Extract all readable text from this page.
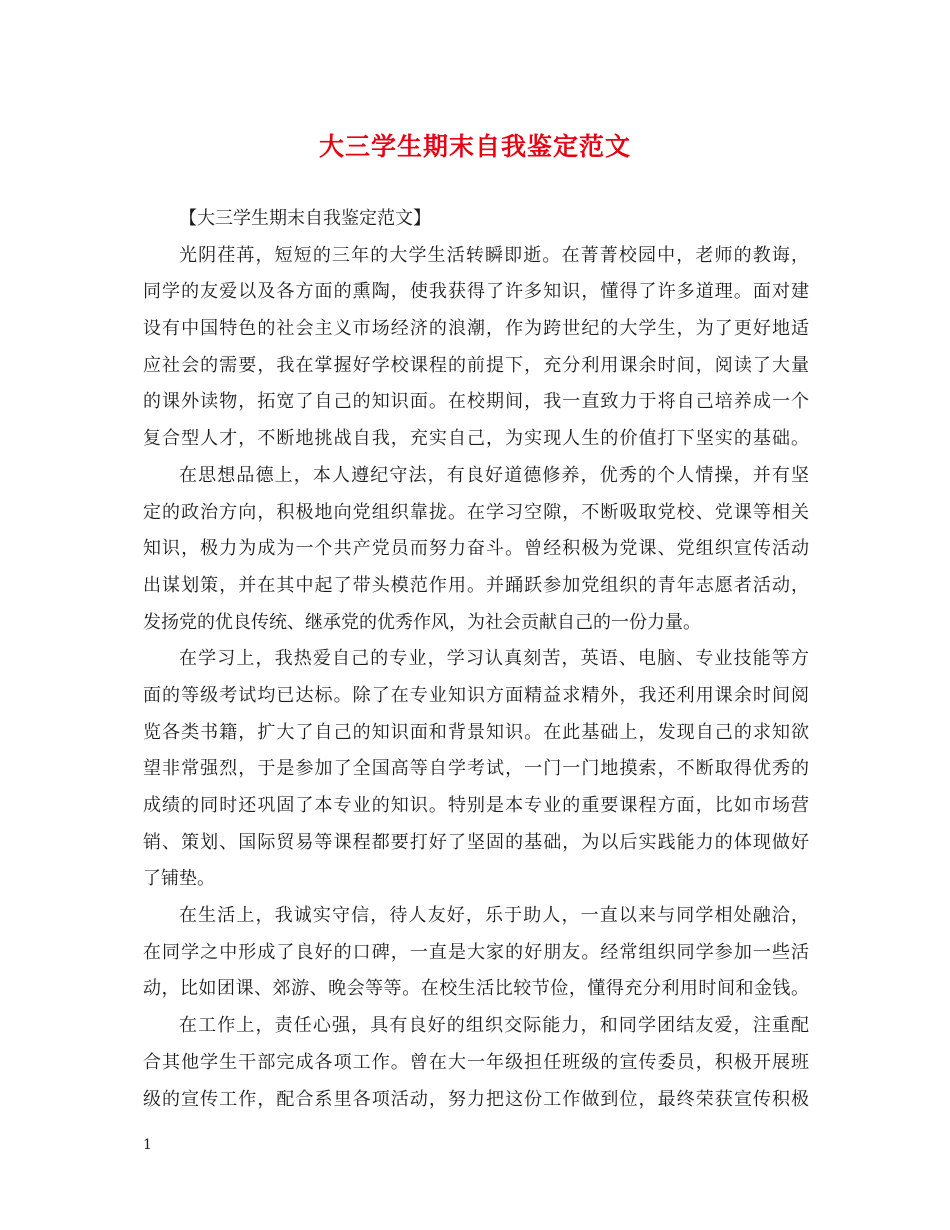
大三学生期末自我鉴定范文
【大三学生期末自我鉴定范文】
光阴荏苒，短短的三年的大学生活转瞬即逝。在菁菁校园中，老师的教诲，
同学的友爱以及各方面的熏陶，使我获得了许多知识，懂得了许多道理。面对建
设有中国特色的社会主义市场经济的浪潮，作为跨世纪的大学生，为了更好地适
应社会的需要，我在掌握好学校课程的前提下，充分利用课余时间，阅读了大量
的课外读物，拓宽了自己的知识面。在校期间，我一直致力于将自己培养成一个
复合型人才，不断地挑战自我，充实自己，为实现人生的价值打下坚实的基础。
在思想品德上，本人遵纪守法，有良好道德修养，优秀的个人情操，并有坚
定的政治方向，积极地向党组织靠拢。在学习空隙，不断吸取党校、党课等相关
知识，极力为成为一个共产党员而努力奋斗。曾经积极为党课、党组织宣传活动
出谋划策，并在其中起了带头模范作用。并踊跃参加党组织的青年志愿者活动，
发扬党的优良传统、继承党的优秀作风，为社会贡献自己的一份力量。
在学习上，我热爱自己的专业，学习认真刻苦，英语、电脑、专业技能等方
面的等级考试均已达标。除了在专业知识方面精益求精外，我还利用课余时间阅
览各类书籍，扩大了自己的知识面和背景知识。在此基础上，发现自己的求知欲
望非常强烈，于是参加了全国高等自学考试，一门一门地摸索，不断取得优秀的
成绩的同时还巩固了本专业的知识。特别是本专业的重要课程方面，比如市场营
销、策划、国际贸易等课程都要打好了坚固的基础，为以后实践能力的体现做好
了铺垫。
在生活上，我诚实守信，待人友好，乐于助人，一直以来与同学相处融洽，
在同学之中形成了良好的口碑，一直是大家的好朋友。经常组织同学参加一些活
动，比如团课、郊游、晚会等等。在校生活比较节俭，懂得充分利用时间和金钱。
在工作上，责任心强，具有良好的组织交际能力，和同学团结友爱，注重配
合其他学生干部完成各项工作。曾在大一年级担任班级的宣传委员，积极开展班
级的宣传工作，配合系里各项活动，努力把这份工作做到位，最终荣获宣传积极
1
